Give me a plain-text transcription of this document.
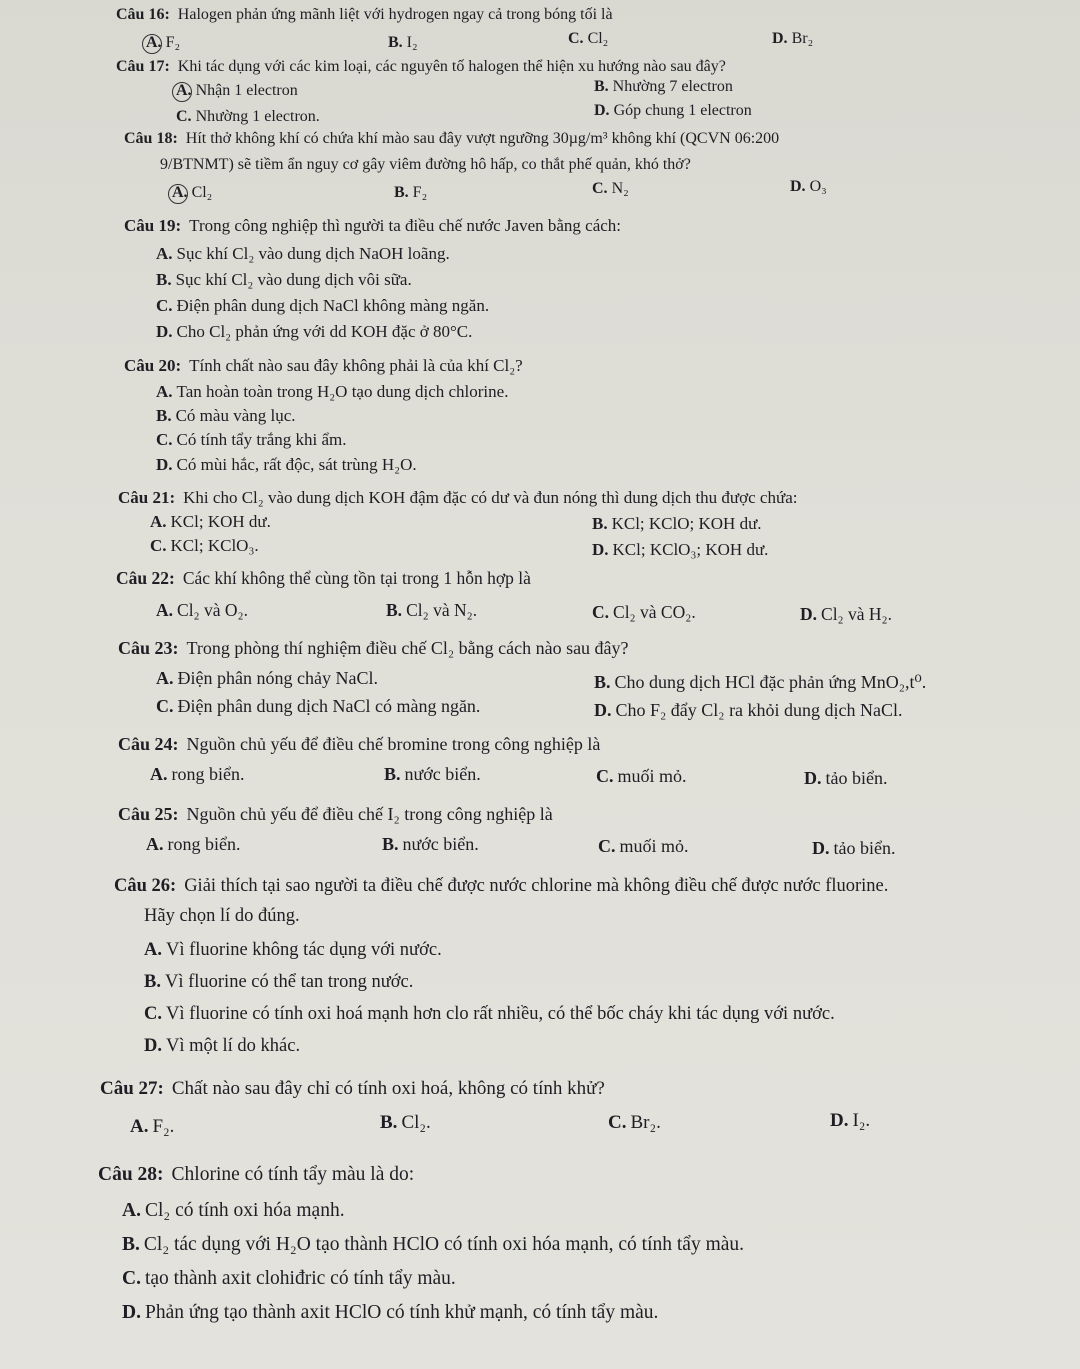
Câu 16: Halogen phản ứng mãnh liệt với hydrogen ngay cả trong bóng tối là
A. F₂	B. I₂	C. Cl₂	D. Br₂
Câu 17: Khi tác dụng với các kim loại, các nguyên tố halogen thể hiện xu hướng nào sau đây?
A. Nhận 1 electron	B. Nhường 7 electron
C. Nhường 1 electron.	D. Góp chung 1 electron
Câu 18: Hít thở không khí có chứa khí mào sau đây vượt ngưỡng 30µg/m³ không khí (QCVN 06:200
9/BTNMT) sẽ tiềm ẩn nguy cơ gây viêm đường hô hấp, co thắt phế quản, khó thở?
A. Cl₂	B. F₂	C. N₂	D. O₃
Câu 19: Trong công nghiệp thì người ta điều chế nước Javen bằng cách:
A. Sục khí Cl₂ vào dung dịch NaOH loãng.
B. Sục khí Cl₂ vào dung dịch vôi sữa.
C. Điện phân dung dịch NaCl không màng ngăn.
D. Cho Cl₂ phản ứng với dd KOH đặc ở 80°C.
Câu 20: Tính chất nào sau đây không phải là của khí Cl₂?
A. Tan hoàn toàn trong H₂O tạo dung dịch chlorine.
B. Có màu vàng lục.
C. Có tính tẩy trắng khi ẩm.
D. Có mùi hắc, rất độc, sát trùng H₂O.
Câu 21: Khi cho Cl₂ vào dung dịch KOH đậm đặc có dư và đun nóng thì dung dịch thu được chứa:
A. KCl; KOH dư.	B. KCl; KClO; KOH dư.
C. KCl; KClO₃.	D. KCl; KClO₃; KOH dư.
Câu 22: Các khí không thể cùng tồn tại trong 1 hỗn hợp là
A. Cl₂ và O₂.	B. Cl₂ và N₂.	C. Cl₂ và CO₂.	D. Cl₂ và H₂.
Câu 23: Trong phòng thí nghiệm điều chế Cl₂ bằng cách nào sau đây?
A. Điện phân nóng chảy NaCl.	B. Cho dung dịch HCl đặc phản ứng MnO₂,t⁰.
C. Điện phân dung dịch NaCl có màng ngăn.	D. Cho F₂ đẩy Cl₂ ra khỏi dung dịch NaCl.
Câu 24: Nguồn chủ yếu để điều chế bromine trong công nghiệp là
A. rong biển.	B. nước biển.	C. muối mỏ.	D. tảo biển.
Câu 25: Nguồn chủ yếu để điều chế I₂ trong công nghiệp là
A. rong biển.	B. nước biển.	C. muối mỏ.	D. tảo biển.
Câu 26: Giải thích tại sao người ta điều chế được nước chlorine mà không điều chế được nước fluorine.
Hãy chọn lí do đúng.
A. Vì fluorine không tác dụng với nước.
B. Vì fluorine có thể tan trong nước.
C. Vì fluorine có tính oxi hoá mạnh hơn clo rất nhiều, có thể bốc cháy khi tác dụng với nước.
D. Vì một lí do khác.
Câu 27: Chất nào sau đây chỉ có tính oxi hoá, không có tính khử?
A. F₂.	B. Cl₂.	C. Br₂.	D. I₂.
Câu 28: Chlorine có tính tẩy màu là do:
A. Cl₂ có tính oxi hóa mạnh.
B. Cl₂ tác dụng với H₂O tạo thành HClO có tính oxi hóa mạnh, có tính tẩy màu.
C. tạo thành axit clohiđric có tính tẩy màu.
D. Phản ứng tạo thành axit HClO có tính khử mạnh, có tính tẩy màu.
